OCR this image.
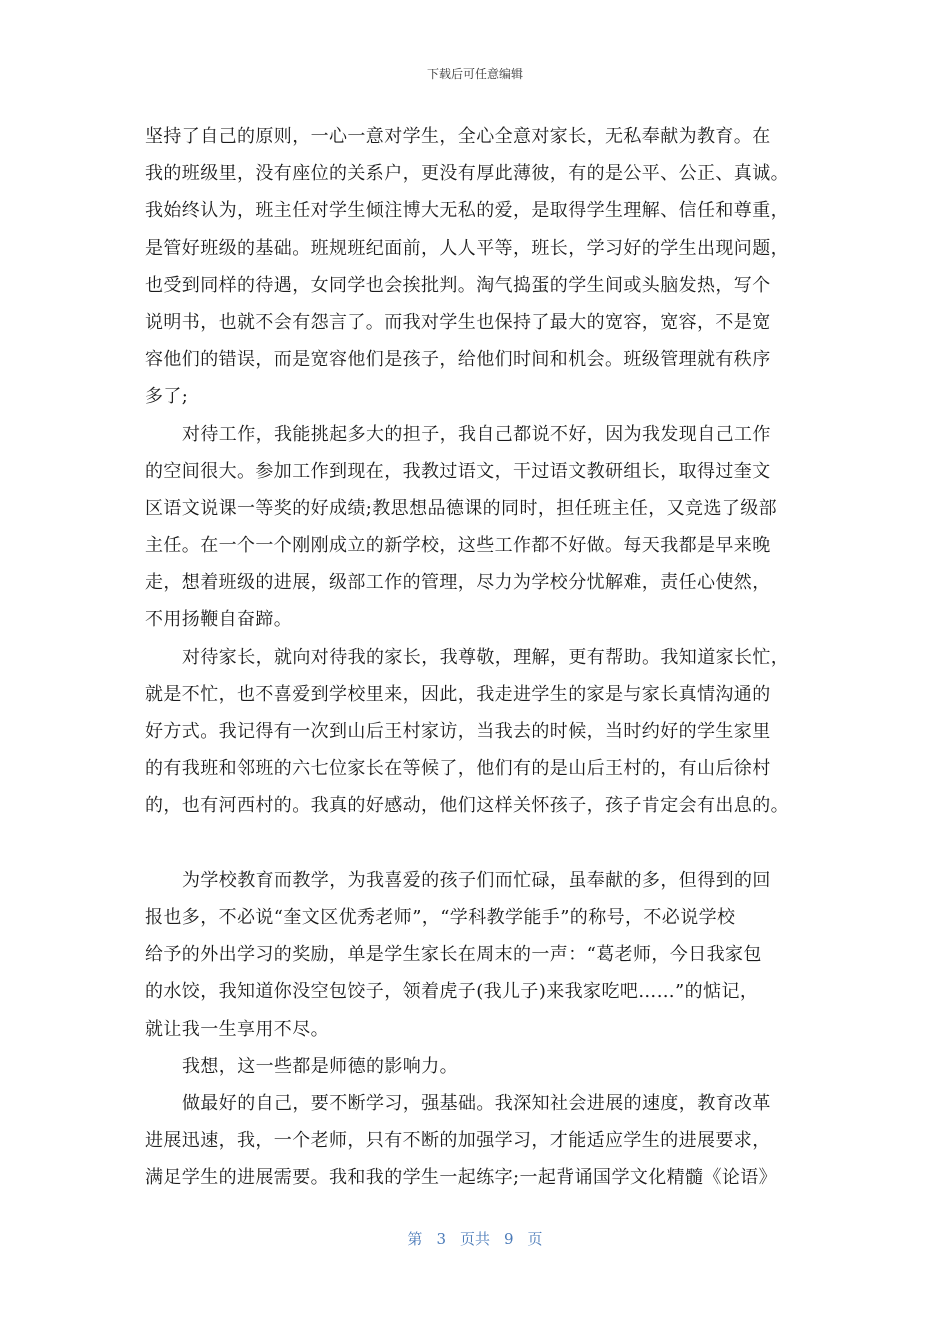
下载后可任意编辑
坚持了自己的原则，一心一意对学生，全心全意对家长，无私奉献为教育。在
我的班级里，没有座位的关系户，更没有厚此薄彼，有的是公平、公正、真诚。
我始终认为，班主任对学生倾注博大无私的爱，是取得学生理解、信任和尊重，
是管好班级的基础。班规班纪面前，人人平等，班长，学习好的学生出现问题，
也受到同样的待遇，女同学也会挨批判。淘气捣蛋的学生间或头脑发热，写个
说明书，也就不会有怨言了。而我对学生也保持了最大的宽容，宽容，不是宽
容他们的错误，而是宽容他们是孩子，给他们时间和机会。班级管理就有秩序
多了;
对待工作，我能挑起多大的担子，我自己都说不好，因为我发现自己工作
的空间很大。参加工作到现在，我教过语文，干过语文教研组长，取得过奎文
区语文说课一等奖的好成绩;教思想品德课的同时，担任班主任，又竞选了级部
主任。在一个一个刚刚成立的新学校，这些工作都不好做。每天我都是早来晚
走，想着班级的进展，级部工作的管理，尽力为学校分忧解难，责任心使然，
不用扬鞭自奋蹄。
对待家长，就向对待我的家长，我尊敬，理解，更有帮助。我知道家长忙，
就是不忙，也不喜爱到学校里来，因此，我走进学生的家是与家长真情沟通的
好方式。我记得有一次到山后王村家访，当我去的时候，当时约好的学生家里
的有我班和邻班的六七位家长在等候了，他们有的是山后王村的，有山后徐村
的，也有河西村的。我真的好感动，他们这样关怀孩子，孩子肯定会有出息的。
为学校教育而教学，为我喜爱的孩子们而忙碌，虽奉献的多，但得到的回
报也多，不必说“奎文区优秀老师”，“学科教学能手”的称号，不必说学校
给予的外出学习的奖励，单是学生家长在周末的一声：“葛老师，今日我家包
的水饺，我知道你没空包饺子，领着虎子(我儿子)来我家吃吧……”的惦记，
就让我一生享用不尽。
我想，这一些都是师德的影响力。
做最好的自己，要不断学习，强基础。我深知社会进展的速度，教育改革
进展迅速，我，一个老师，只有不断的加强学习，才能适应学生的进展要求，
满足学生的进展需要。我和我的学生一起练字;一起背诵国学文化精髓《论语》
第 3 页共 9 页
